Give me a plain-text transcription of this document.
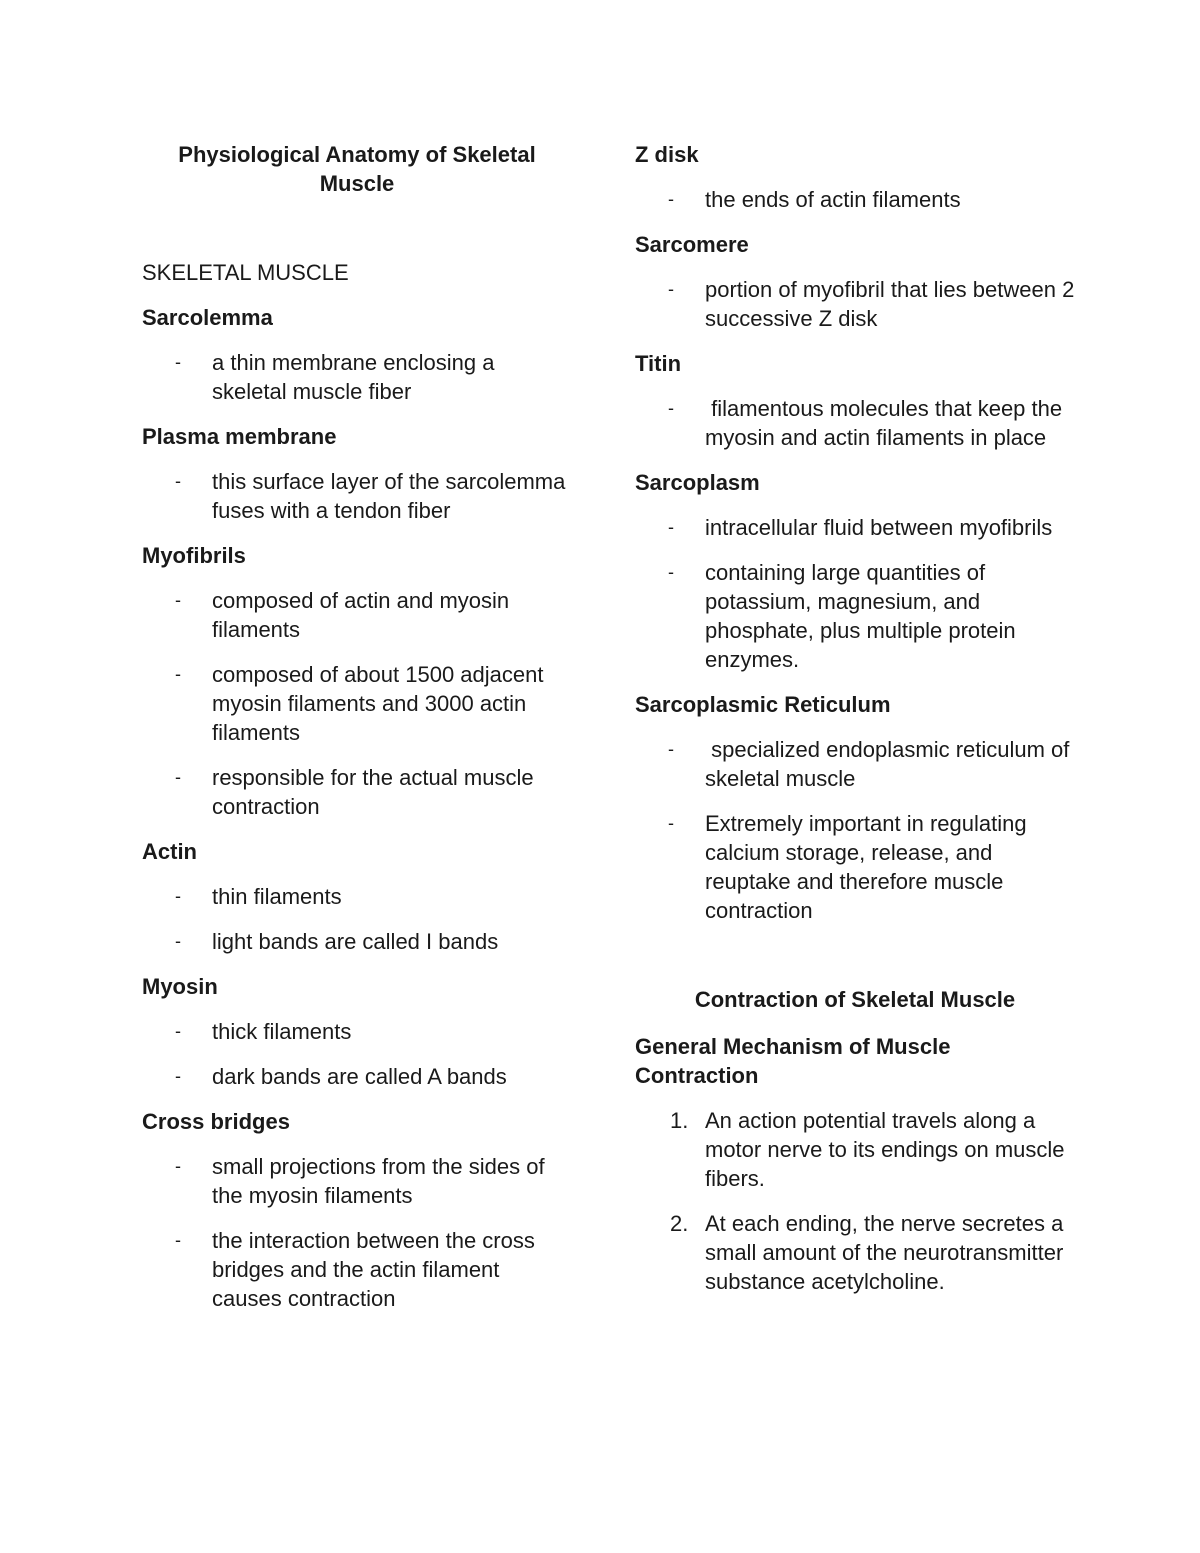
Physiological Anatomy of Skeletal Muscle
SKELETAL MUSCLE
Sarcolemma
- a thin membrane enclosing a skeletal muscle fiber
Plasma membrane
- this surface layer of the sarcolemma fuses with a tendon fiber
Myofibrils
- composed of actin and myosin filaments
- composed of about 1500 adjacent myosin filaments and 3000 actin filaments
- responsible for the actual muscle contraction
Actin
- thin filaments
- light bands are called I bands
Myosin
- thick filaments
- dark bands are called A bands
Cross bridges
- small projections from the sides of the myosin filaments
- the interaction between the cross bridges and the actin filament causes contraction
Z disk
- the ends of actin filaments
Sarcomere
- portion of myofibril that lies between 2 successive Z disk
Titin
- filamentous molecules that keep the myosin and actin filaments in place
Sarcoplasm
- intracellular fluid between myofibrils
- containing large quantities of potassium, magnesium, and phosphate, plus multiple protein enzymes.
Sarcoplasmic Reticulum
- specialized endoplasmic reticulum of skeletal muscle
- Extremely important in regulating calcium storage, release, and reuptake and therefore muscle contraction
Contraction of Skeletal Muscle
General Mechanism of Muscle Contraction
1. An action potential travels along a motor nerve to its endings on muscle fibers.
2. At each ending, the nerve secretes a small amount of the neurotransmitter substance acetylcholine.
